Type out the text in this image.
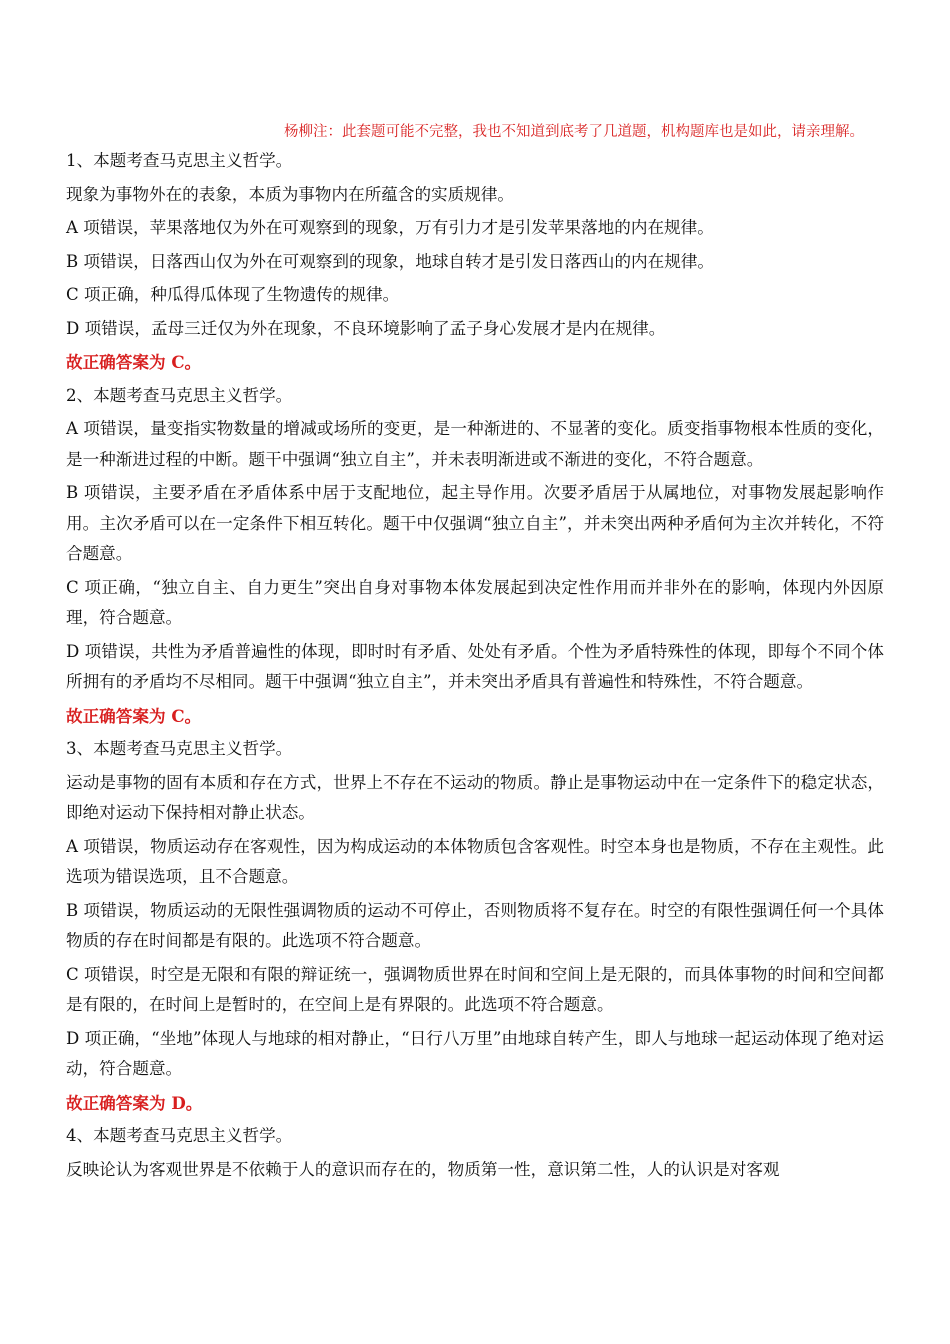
杨柳注：此套题可能不完整，我也不知道到底考了几道题，机构题库也是如此，请亲理解。
1、本题考查马克思主义哲学。

现象为事物外在的表象，本质为事物内在所蕴含的实质规律。

A 项错误，苹果落地仅为外在可观察到的现象，万有引力才是引发苹果落地的内在规律。

B 项错误，日落西山仅为外在可观察到的现象，地球自转才是引发日落西山的内在规律。

C 项正确，种瓜得瓜体现了生物遗传的规律。

D 项错误，孟母三迁仅为外在现象，不良环境影响了孟子身心发展才是内在规律。

故正确答案为 C。
2、本题考查马克思主义哲学。

A 项错误，量变指实物数量的增减或场所的变更，是一种渐进的、不显著的变化。质变指事物根本性质的变化，是一种渐进过程的中断。题干中强调“独立自主”，并未表明渐进或不渐进的变化，不符合题意。

B 项错误，主要矛盾在矛盾体系中居于支配地位，起主导作用。次要矛盾居于从属地位，对事物发展起影响作用。主次矛盾可以在一定条件下相互转化。题干中仅强调“独立自主”，并未突出两种矛盾何为主次并转化，不符合题意。

C 项正确，“独立自主、自力更生”突出自身对事物本体发展起到决定性作用而并非外在的影响，体现内外因原理，符合题意。

D 项错误，共性为矛盾普遍性的体现，即时时有矛盾、处处有矛盾。个性为矛盾特殊性的体现，即每个不同个体所拥有的矛盾均不尽相同。题干中强调“独立自主”，并未突出矛盾具有普遍性和特殊性，不符合题意。

故正确答案为 C。
3、本题考查马克思主义哲学。

运动是事物的固有本质和存在方式，世界上不存在不运动的物质。静止是事物运动中在一定条件下的稳定状态，即绝对运动下保持相对静止状态。

A 项错误，物质运动存在客观性，因为构成运动的本体物质包含客观性。时空本身也是物质，不存在主观性。此选项为错误选项，且不合题意。

B 项错误，物质运动的无限性强调物质的运动不可停止，否则物质将不复存在。时空的有限性强调任何一个具体物质的存在时间都是有限的。此选项不符合题意。

C 项错误，时空是无限和有限的辩证统一，强调物质世界在时间和空间上是无限的，而具体事物的时间和空间都是有限的，在时间上是暂时的，在空间上是有界限的。此选项不符合题意。

D 项正确，“坐地”体现人与地球的相对静止，“日行八万里”由地球自转产生，即人与地球一起运动体现了绝对运动，符合题意。

故正确答案为 D。
4、本题考查马克思主义哲学。

反映论认为客观世界是不依赖于人的意识而存在的，物质第一性，意识第二性，人的认识是对客观
